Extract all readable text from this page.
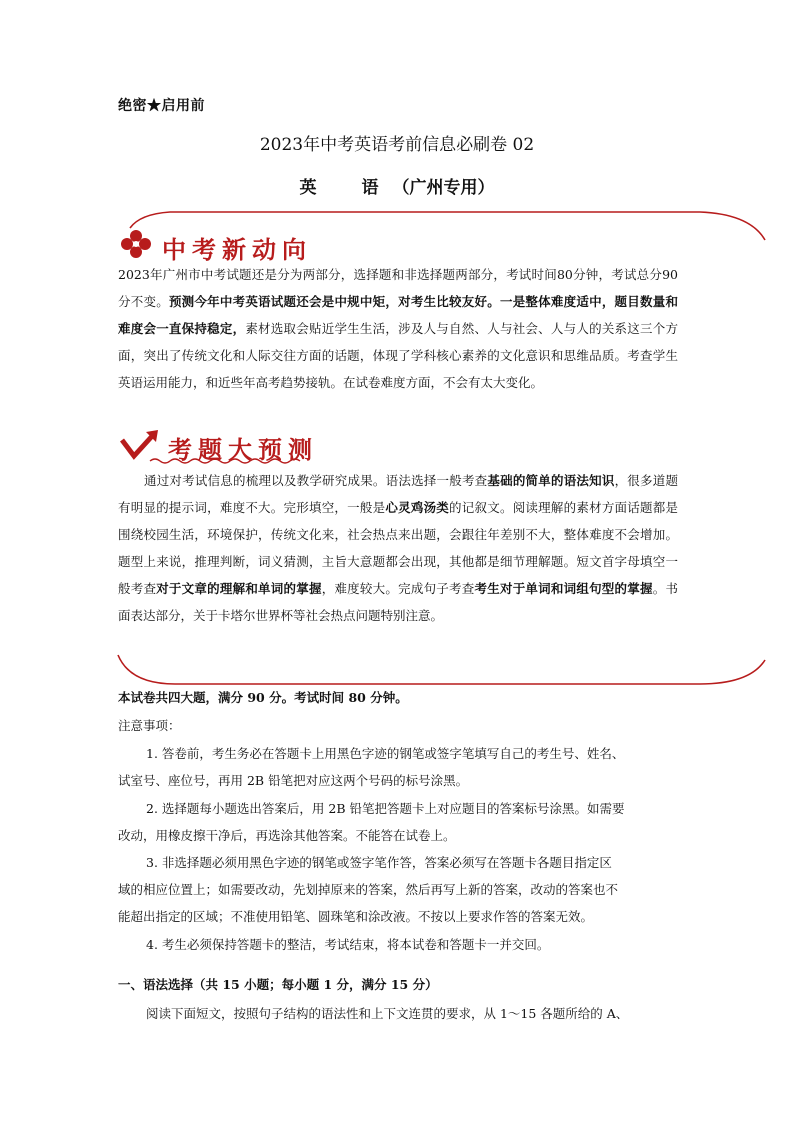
绝密★启用前
2023年中考英语考前信息必刷卷 02
英　语（广州专用）
中考新动向
2023年广州市中考试题还是分为两部分，选择题和非选择题两部分，考试时间80分钟，考试总分90分不变。预测今年中考英语试题还会是中规中矩，对考生比较友好。一是整体难度适中，题目数量和难度会一直保持稳定，素材选取会贴近学生生活，涉及人与自然、人与社会、人与人的关系这三个方面，突出了传统文化和人际交往方面的话题，体现了学科核心素养的文化意识和思维品质。考查学生英语运用能力，和近些年高考趋势接轨。在试卷难度方面，不会有太大变化。
考题大预测
通过对考试信息的梳理以及教学研究成果。语法选择一般考查基础的简单的语法知识，很多道题有明显的提示词，难度不大。完形填空，一般是心灵鸡汤类的记叙文。阅读理解的素材方面话题都是围绕校园生活，环境保护，传统文化来，社会热点来出题，会跟往年差别不大，整体难度不会增加。题型上来说，推理判断，词义猜测，主旨大意题都会出现，其他都是细节理解题。短文首字母填空一般考查对于文章的理解和单词的掌握，难度较大。完成句子考查考生对于单词和词组句型的掌握。书面表达部分，关于卡塔尔世界杯等社会热点问题特别注意。
本试卷共四大题，满分 90 分。考试时间 80 分钟。
注意事项：
1. 答卷前，考生务必在答题卡上用黑色字迹的钢笔或签字笔填写自己的考生号、姓名、
试室号、座位号，再用 2B 铅笔把对应这两个号码的标号涂黑。
2. 选择题每小题选出答案后，用 2B 铅笔把答题卡上对应题目的答案标号涂黑。如需要
改动，用橡皮擦干净后，再选涂其他答案。不能答在试卷上。
3. 非选择题必须用黑色字迹的钢笔或签字笔作答，答案必须写在答题卡各题目指定区
域的相应位置上；如需要改动，先划掉原来的答案，然后再写上新的答案，改动的答案也不
能超出指定的区域；不准使用铅笔、圆珠笔和涂改液。不按以上要求作答的答案无效。
4. 考生必须保持答题卡的整洁，考试结束，将本试卷和答题卡一并交回。
一、语法选择（共 15 小题；每小题 1 分，满分 15 分）
阅读下面短文，按照句子结构的语法性和上下文连贯的要求，从 1～15 各题所给的 A、
